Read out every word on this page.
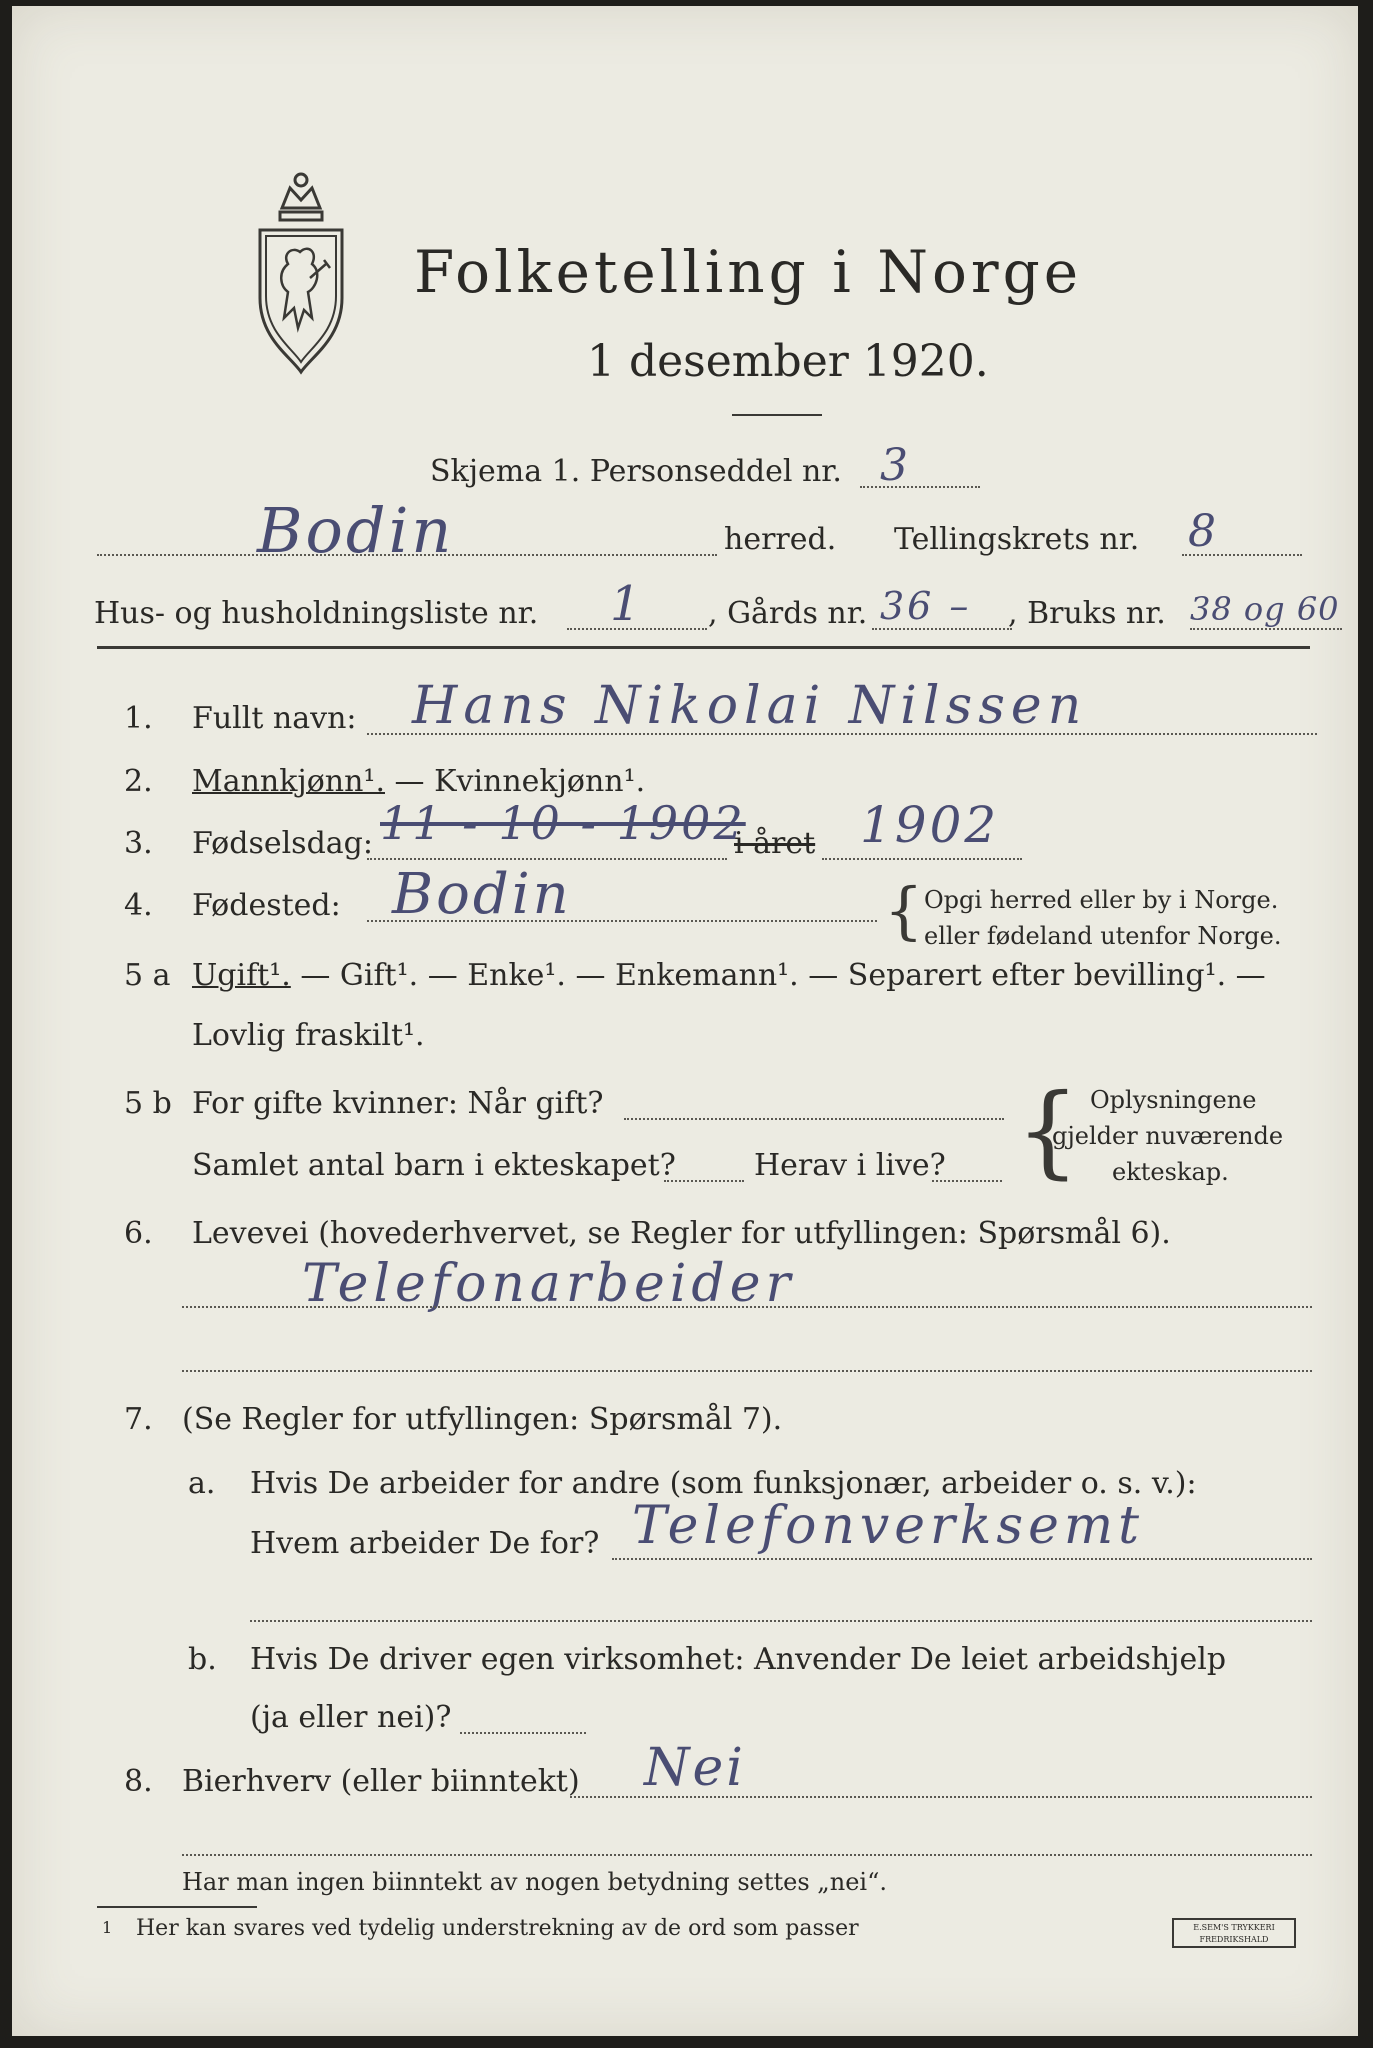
Folketelling i Norge
1 desember 1920.
Skjema 1. Personseddel nr. 3
Bodin	herred. Tellingskrets nr. 8
Hus- og husholdningsliste nr. 1 , Gårds nr. 36 – , Bruks nr. 38 og 60
1. Fullt navn: Hans Nikolai Nilssen
2. Mannkjønn¹. — Kvinnekjønn¹.
3. Fødselsdag: 11 - 10 - 1902
i året 1902
4. Fødested: Bodin	{ Opgi herred eller by i Norge.
eller fødeland utenfor Norge.
5 a Ugift¹. — Gift¹. — Enke¹. — Enkemann¹. — Separert efter bevilling¹. —
Lovlig fraskilt¹.
5 b For gifte kvinner: Når gift?
Samlet antal barn i ekteskapet?	Herav i live? { Oplysningene
gjelder nuværende
ekteskap.
6. Levevei (hovederhvervet, se Regler for utfyllingen: Spørsmål 6).
Telefonarbeider
7. (Se Regler for utfyllingen: Spørsmål 7).
a. Hvis De arbeider for andre (som funksjonær, arbeider o. s. v.):
Hvem arbeider De for? Telefonverksemt
b. Hvis De driver egen virksomhet: Anvender De leiet arbeidshjelp
(ja eller nei)?
8. Bierhverv (eller biinntekt) Nei
Har man ingen biinntekt av nogen betydning settes „nei“.
1 Her kan svares ved tydelig understrekning av de ord som passer	E.SEM'S TRYKKERI
FREDRIKSHALD
